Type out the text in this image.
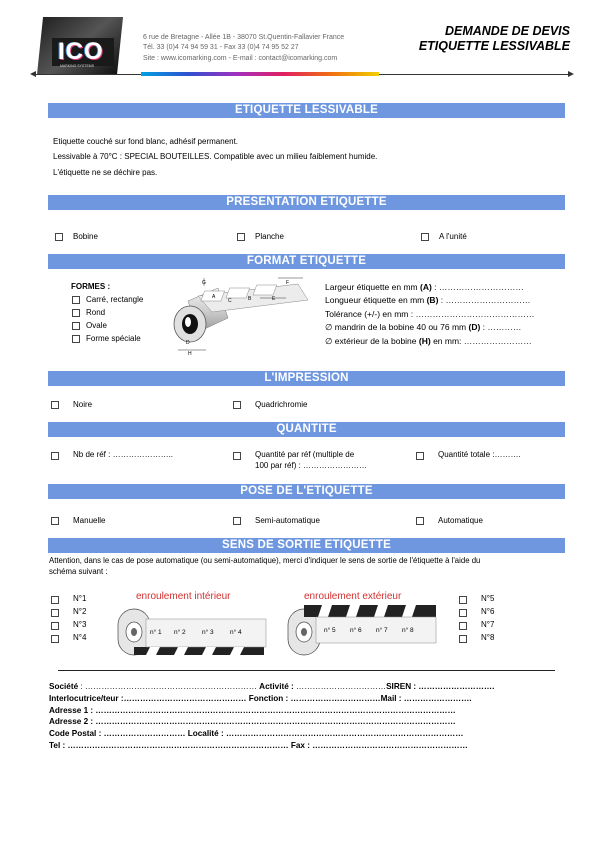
ICO
MARKING SYSTEMS
6 rue de Bretagne - Allée 1B - 38070 St.Quentin-Fallavier France
Tél. 33 (0)4 74 94 59 31 - Fax 33 (0)4 74 95 52 27
Site : www.icomarking.com - E-mail : contact@icomarking.com
DEMANDE DE DEVIS
ETIQUETTE LESSIVABLE
ETIQUETTE LESSIVABLE
Etiquette couché sur fond blanc, adhésif permanent.
Lessivable à 70°C : SPECIAL BOUTEILLES. Compatible avec un milieu faiblement humide.
L'étiquette ne se déchire pas.
PRESENTATION ETIQUETTE
Bobine	Planche	A l'unité
FORMAT ETIQUETTE
FORMES :
Carré, rectangle
Rond
Ovale
Forme spéciale
G	F
A	B
C	E
D
H
Largeur étiquette en mm (A) : …………………………
Longueur étiquette en mm (B) : …………………………
Tolérance (+/-) en mm : ……………………………………
∅ mandrin de la bobine 40 ou 76 mm (D) : …………
∅ extérieur de la bobine (H) en mm: ……………………
L'IMPRESSION
Noire	Quadrichromie
QUANTITE
Nb de réf : …………………..	Quantité par réf (multiple de
100 par réf) : ……………………
Quantité totale :……….
POSE DE L'ETIQUETTE
Manuelle	Semi-automatique	Automatique
SENS DE SORTIE ETIQUETTE
Attention, dans le cas de pose automatique (ou semi-automatique), merci d'indiquer le sens de sortie de l'étiquette à l'aide du
schéma suivant :
N°1
N°2
N°3
N°4
N°5
N°6
N°7
N°8
enroulement intérieur
n° 1 n° 2	n° 3	n° 4
enroulement extérieur
n° 5 n° 6 n° 7 n° 8
Société : ……………………………………………………… Activité : ……………………………SIREN : ……………………….
Interlocutrice/teur :……………………………………… Fonction : ……………………………Mail : …………………….
Adresse 1 : ……………………………………………………………………………………………………………………
Adresse 2 : ……………………………………………………………………………………………………………………
Code Postal : ………………………… Localité : ……………………………………………………………………………
Tel : ……………………………………………………………………… Fax : …………………………………………………
